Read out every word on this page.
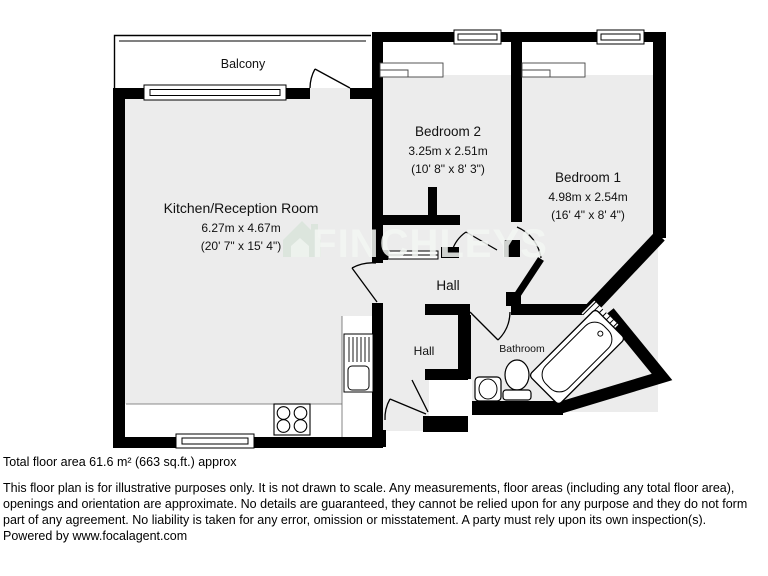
FINCHLEYS
Balcony
Kitchen/Reception Room
6.27m x 4.67m
(20' 7" x 15' 4")
Bedroom 2
3.25m x 2.51m
(10' 8" x 8' 3")
Bedroom 1
4.98m x 2.54m
(16' 4" x 8' 4")
Hall
Hall	Bathroom
Total floor area 61.6 m² (663 sq.ft.) approx
This floor plan is for illustrative purposes only. It is not drawn to scale. Any measurements, floor areas (including any total floor area),
openings and orientation are approximate. No details are guaranteed, they cannot be relied upon for any purpose and they do not form
part of any agreement. No liability is taken for any error, omission or misstatement. A party must rely upon its own inspection(s).
Powered by www.focalagent.com
